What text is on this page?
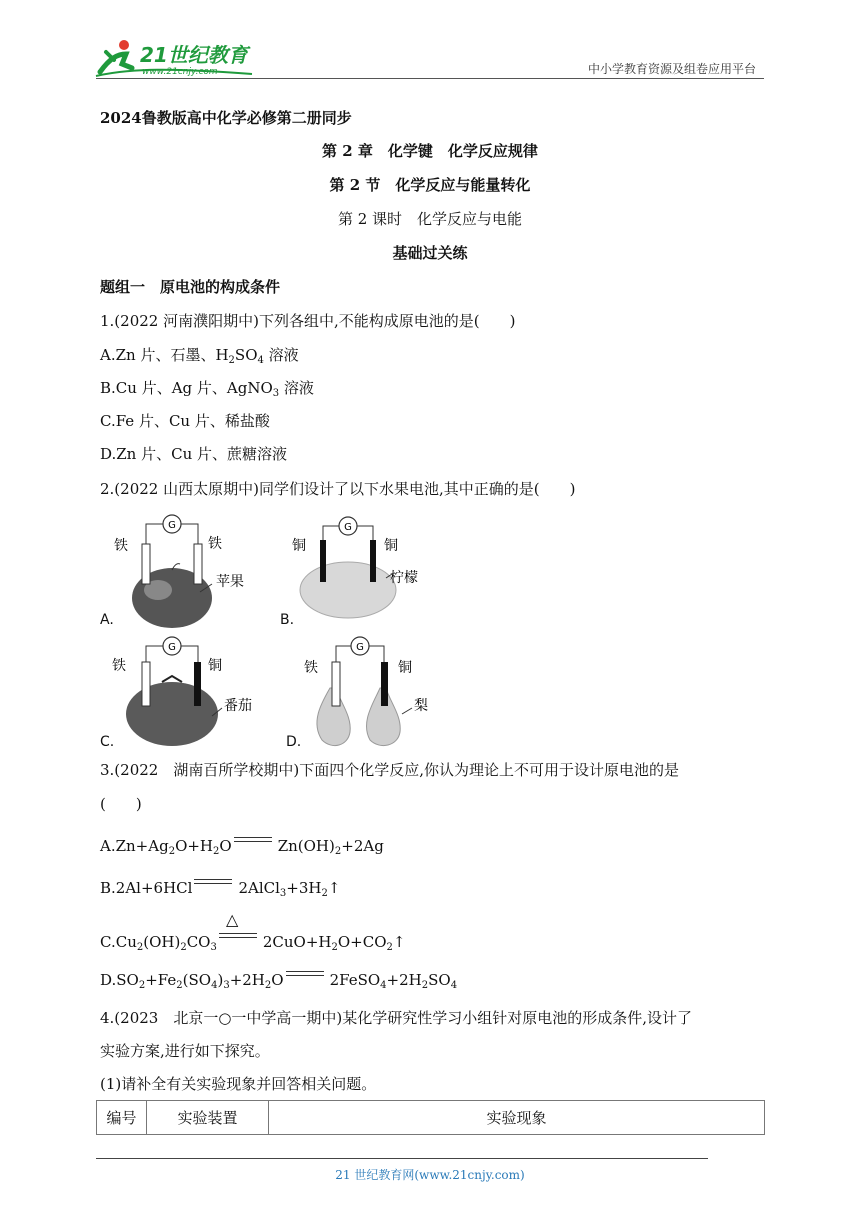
21世纪教育
www.21cnjy.com	中小学教育资源及组卷应用平台
2024鲁教版高中化学必修第二册同步
第 2 章　化学键　化学反应规律
第 2 节　化学反应与能量转化
第 2 课时　化学反应与电能
基础过关练
题组一　原电池的构成条件
1.(2022 河南濮阳期中)下列各组中,不能构成原电池的是(　　)
A.Zn 片、石墨、$H_2SO_4$ 溶液
B.Cu 片、Ag 片、AgNO$_3$ 溶液
C.Fe 片、Cu 片、稀盐酸
D.Zn 片、Cu 片、蔗糖溶液
2.(2022 山西太原期中)同学们设计了以下水果电池,其中正确的是(　　)
G
铁	铁
苹果
A.
G
铜	铜
柠檬
B.
G
铁	铜
番茄
C.
G
铁	铜
梨
D.
3.(2022　湖南百所学校期中)下面四个化学反应,你认为理论上不可用于设计原电池的是
(　　)
$A.Zn+Ag_2O+H_2O$	$Zn(OH)_2+2Ag$
B.2Al+6HCl	$2AlCl_3+3H_2↑$
△
$C.Cu_2(OH)_2CO_3$	$2CuO+H_2O+CO_2↑$
$D.SO_2+Fe_2(SO_4)_3+2H_2O$	$2FeSO_4+2H_2SO_4$
4.(2023　北京一○一中学高一期中)某化学研究性学习小组针对原电池的形成条件,设计了
实验方案,进行如下探究。
(1)请补全有关实验现象并回答相关问题。
编号	实验装置	实验现象
21 世纪教育网(www.21cnjy.com)
